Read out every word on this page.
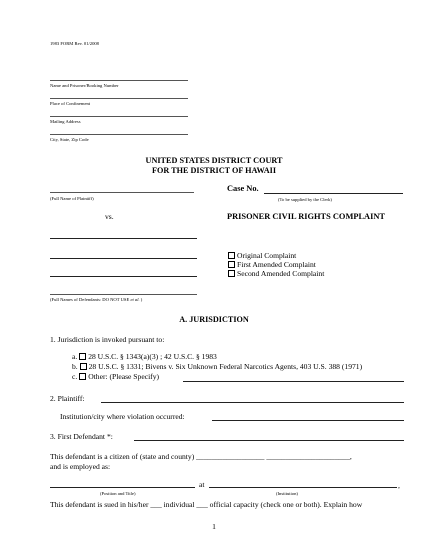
1983 FORM Rev. 01/2008
Name and Prisoner/Booking Number
Place of Confinement
Mailing Address
City, State, Zip Code
UNITED STATES DISTRICT COURT
FOR THE DISTRICT OF HAWAII
(Full Name of Plaintiff)
Case No.
(To be supplied by the Clerk)
vs.	PRISONER CIVIL RIGHTS COMPLAINT
(Full Names of Defendants: DO NOT USE et al. )
Original Complaint
First Amended Complaint
Second Amended Complaint
A. JURISDICTION
1. Jurisdiction is invoked pursuant to:
a. 28 U.S.C. § 1343(a)(3) ; 42 U.S.C. § 1983
b. 28 U.S.C. § 1331; Bivens v. Six Unknown Federal Narcotics Agents, 403 U.S. 388 (1971)
c. Other: (Please Specify)
2. Plaintiff:
Institution/city where violation occurred:
3. First Defendant *:
This defendant is a citizen of (state and county) __________________ ______________________,
and is employed as:
at	,
(Position and Title)	(Institution)
This defendant is sued in his/her ___ individual ___ official capacity (check one or both). Explain how
1
